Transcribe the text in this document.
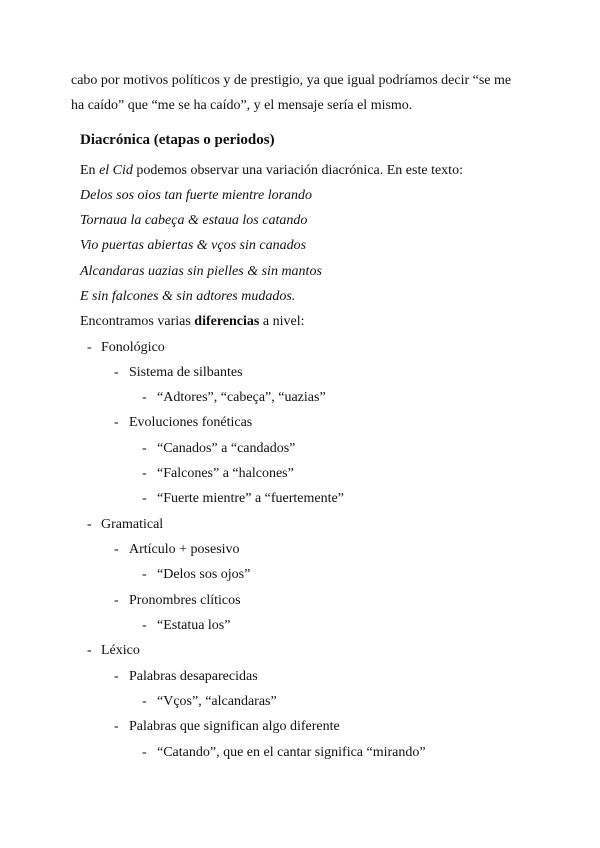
cabo por motivos políticos y de prestigio, ya que igual podríamos decir “se me
ha caído” que “me se ha caído”, y el mensaje sería el mismo.
Diacrónica (etapas o periodos)
En el Cid podemos observar una variación diacrónica. En este texto:
Delos sos oios tan fuerte mientre lorando
Tornaua la cabeça & estaua los catando
Vio puertas abiertas & vços sin canados
Alcandaras uazias sin pielles & sin mantos
E sin falcones & sin adtores mudados.
Encontramos varias diferencias a nivel:
- Fonológico
- Sistema de silbantes
- “Adtores”, “cabeça”, “uazias”
- Evoluciones fonéticas
- “Canados” a “candados”
- “Falcones” a “halcones”
- “Fuerte mientre” a “fuertemente”
- Gramatical
- Artículo + posesivo
- “Delos sos ojos”
- Pronombres clíticos
- “Estatua los”
- Léxico
- Palabras desaparecidas
- “Vços”, “alcandaras”
- Palabras que significan algo diferente
- “Catando”, que en el cantar significa “mirando”
